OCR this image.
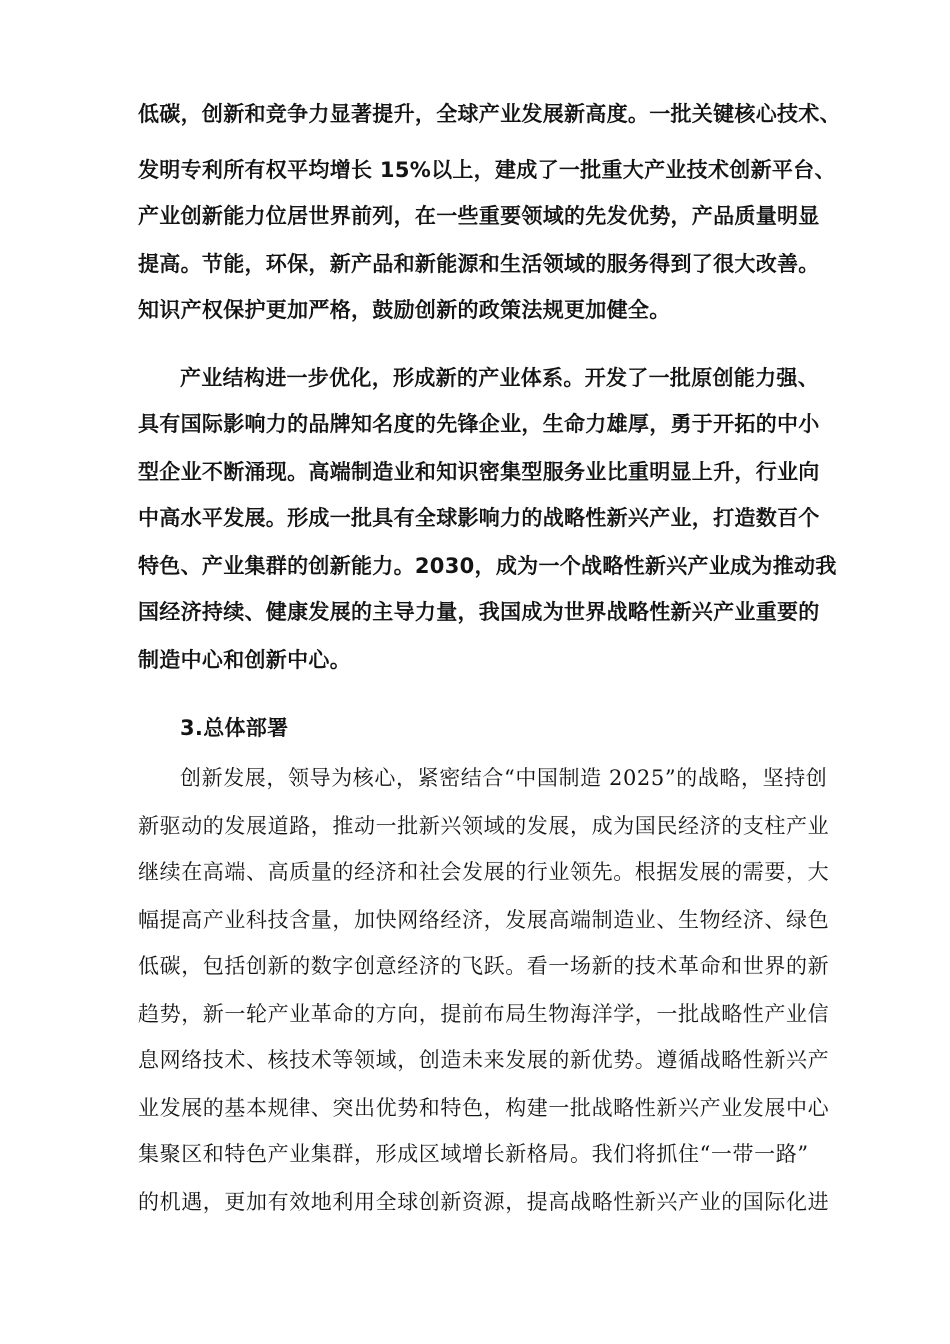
低碳，创新和竞争力显著提升，全球产业发展新高度。一批关键核心技术、
发明专利所有权平均增长 15%以上，建成了一批重大产业技术创新平台、
产业创新能力位居世界前列，在一些重要领域的先发优势，产品质量明显
提高。节能，环保，新产品和新能源和生活领域的服务得到了很大改善。
知识产权保护更加严格，鼓励创新的政策法规更加健全。
产业结构进一步优化，形成新的产业体系。开发了一批原创能力强、
具有国际影响力的品牌知名度的先锋企业，生命力雄厚，勇于开拓的中小
型企业不断涌现。高端制造业和知识密集型服务业比重明显上升，行业向
中高水平发展。形成一批具有全球影响力的战略性新兴产业，打造数百个
特色、产业集群的创新能力。2030，成为一个战略性新兴产业成为推动我
国经济持续、健康发展的主导力量，我国成为世界战略性新兴产业重要的
制造中心和创新中心。
3.总体部署
创新发展，领导为核心，紧密结合“中国制造 2025”的战略，坚持创
新驱动的发展道路，推动一批新兴领域的发展，成为国民经济的支柱产业
继续在高端、高质量的经济和社会发展的行业领先。根据发展的需要，大
幅提高产业科技含量，加快网络经济，发展高端制造业、生物经济、绿色
低碳，包括创新的数字创意经济的飞跃。看一场新的技术革命和世界的新
趋势，新一轮产业革命的方向，提前布局生物海洋学，一批战略性产业信
息网络技术、核技术等领域，创造未来发展的新优势。遵循战略性新兴产
业发展的基本规律、突出优势和特色，构建一批战略性新兴产业发展中心
集聚区和特色产业集群，形成区域增长新格局。我们将抓住“一带一路”
的机遇，更加有效地利用全球创新资源，提高战略性新兴产业的国际化进
